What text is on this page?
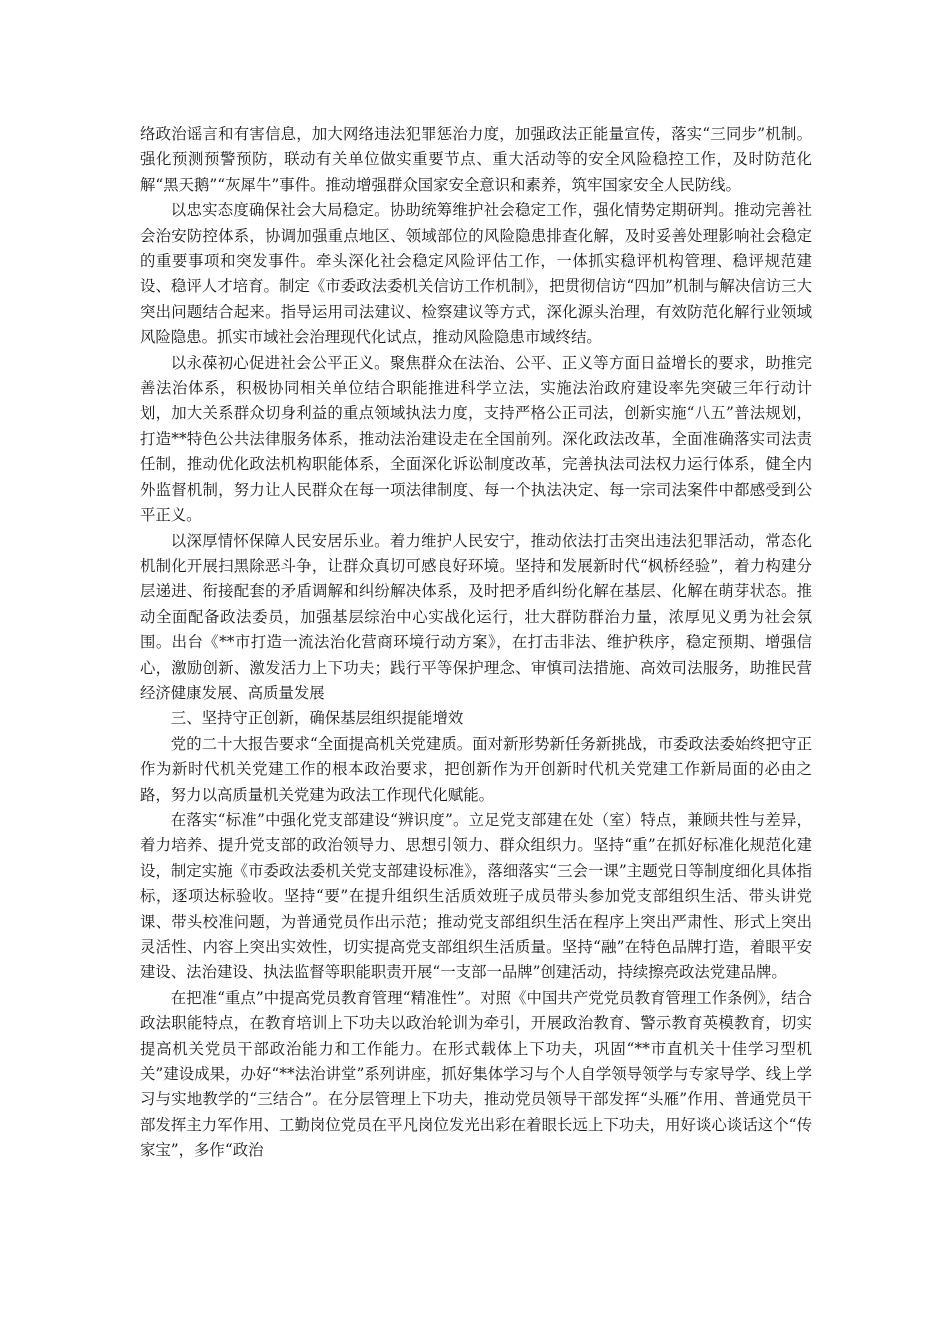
络政治谣言和有害信息，加大网络违法犯罪惩治力度，加强政法正能量宣传，落实“三同步”机制。强化预测预警预防，联动有关单位做实重要节点、重大活动等的安全风险稳控工作，及时防范化解“黑天鹅”“灰犀牛”事件。推动增强群众国家安全意识和素养，筑牢国家安全人民防线。

以忠实态度确保社会大局稳定。协助统筹维护社会稳定工作，强化情势定期研判。推动完善社会治安防控体系，协调加强重点地区、领域部位的风险隐患排查化解，及时妥善处理影响社会稳定的重要事项和突发事件。牵头深化社会稳定风险评估工作，一体抓实稳评机构管理、稳评规范建设、稳评人才培育。制定《市委政法委机关信访工作机制》，把贯彻信访“四加”机制与解决信访三大突出问题结合起来。指导运用司法建议、检察建议等方式，深化源头治理，有效防范化解行业领域风险隐患。抓实市域社会治理现代化试点，推动风险隐患市域终结。

以永葆初心促进社会公平正义。聚焦群众在法治、公平、正义等方面日益增长的要求，助推完善法治体系，积极协同相关单位结合职能推进科学立法，实施法治政府建设率先突破三年行动计划，加大关系群众切身利益的重点领域执法力度，支持严格公正司法，创新实施“八五”普法规划，打造**特色公共法律服务体系，推动法治建设走在全国前列。深化政法改革，全面准确落实司法责任制，推动优化政法机构职能体系，全面深化诉讼制度改革，完善执法司法权力运行体系，健全内外监督机制，努力让人民群众在每一项法律制度、每一个执法决定、每一宗司法案件中都感受到公平正义。

以深厚情怀保障人民安居乐业。着力维护人民安宁，推动依法打击突出违法犯罪活动，常态化机制化开展扫黑除恶斗争，让群众真切可感良好环境。坚持和发展新时代“枫桥经验”，着力构建分层递进、衔接配套的矛盾调解和纠纷解决体系，及时把矛盾纠纷化解在基层、化解在萌芽状态。推动全面配备政法委员，加强基层综治中心实战化运行，壮大群防群治力量，浓厚见义勇为社会氛围。出台《**市打造一流法治化营商环境行动方案》，在打击非法、维护秩序，稳定预期、增强信心，激励创新、激发活力上下功夫；践行平等保护理念、审慎司法措施、高效司法服务，助推民营经济健康发展、高质量发展

三、坚持守正创新，确保基层组织提能增效

党的二十大报告要求“全面提高机关党建质。面对新形势新任务新挑战，市委政法委始终把守正作为新时代机关党建工作的根本政治要求，把创新作为开创新时代机关党建工作新局面的必由之路，努力以高质量机关党建为政法工作现代化赋能。

在落实“标准”中强化党支部建设“辨识度”。立足党支部建在处（室）特点，兼顾共性与差异，着力培养、提升党支部的政治领导力、思想引领力、群众组织力。坚持“重”在抓好标准化规范化建设，制定实施《市委政法委机关党支部建设标准》，落细落实“三会一课”主题党日等制度细化具体指标，逐项达标验收。坚持“要”在提升组织生活质效班子成员带头参加党支部组织生活、带头讲党课、带头校准问题，为普通党员作出示范；推动党支部组织生活在程序上突出严肃性、形式上突出灵活性、内容上突出实效性，切实提高党支部组织生活质量。坚持“融”在特色品牌打造，着眼平安建设、法治建设、执法监督等职能职责开展“一支部一品牌”创建活动，持续擦亮政法党建品牌。

在把准“重点”中提高党员教育管理“精准性”。对照《中国共产党党员教育管理工作条例》，结合政法职能特点，在教育培训上下功夫以政治轮训为牵引，开展政治教育、警示教育英模教育，切实提高机关党员干部政治能力和工作能力。在形式载体上下功夫，巩固“**市直机关十佳学习型机关”建设成果，办好“**法治讲堂”系列讲座，抓好集体学习与个人自学领导领学与专家导学、线上学习与实地教学的“三结合”。在分层管理上下功夫，推动党员领导干部发挥“头雁”作用、普通党员干部发挥主力军作用、工勤岗位党员在平凡岗位发光出彩在着眼长远上下功夫，用好谈心谈话这个“传家宝”，多作“政治
